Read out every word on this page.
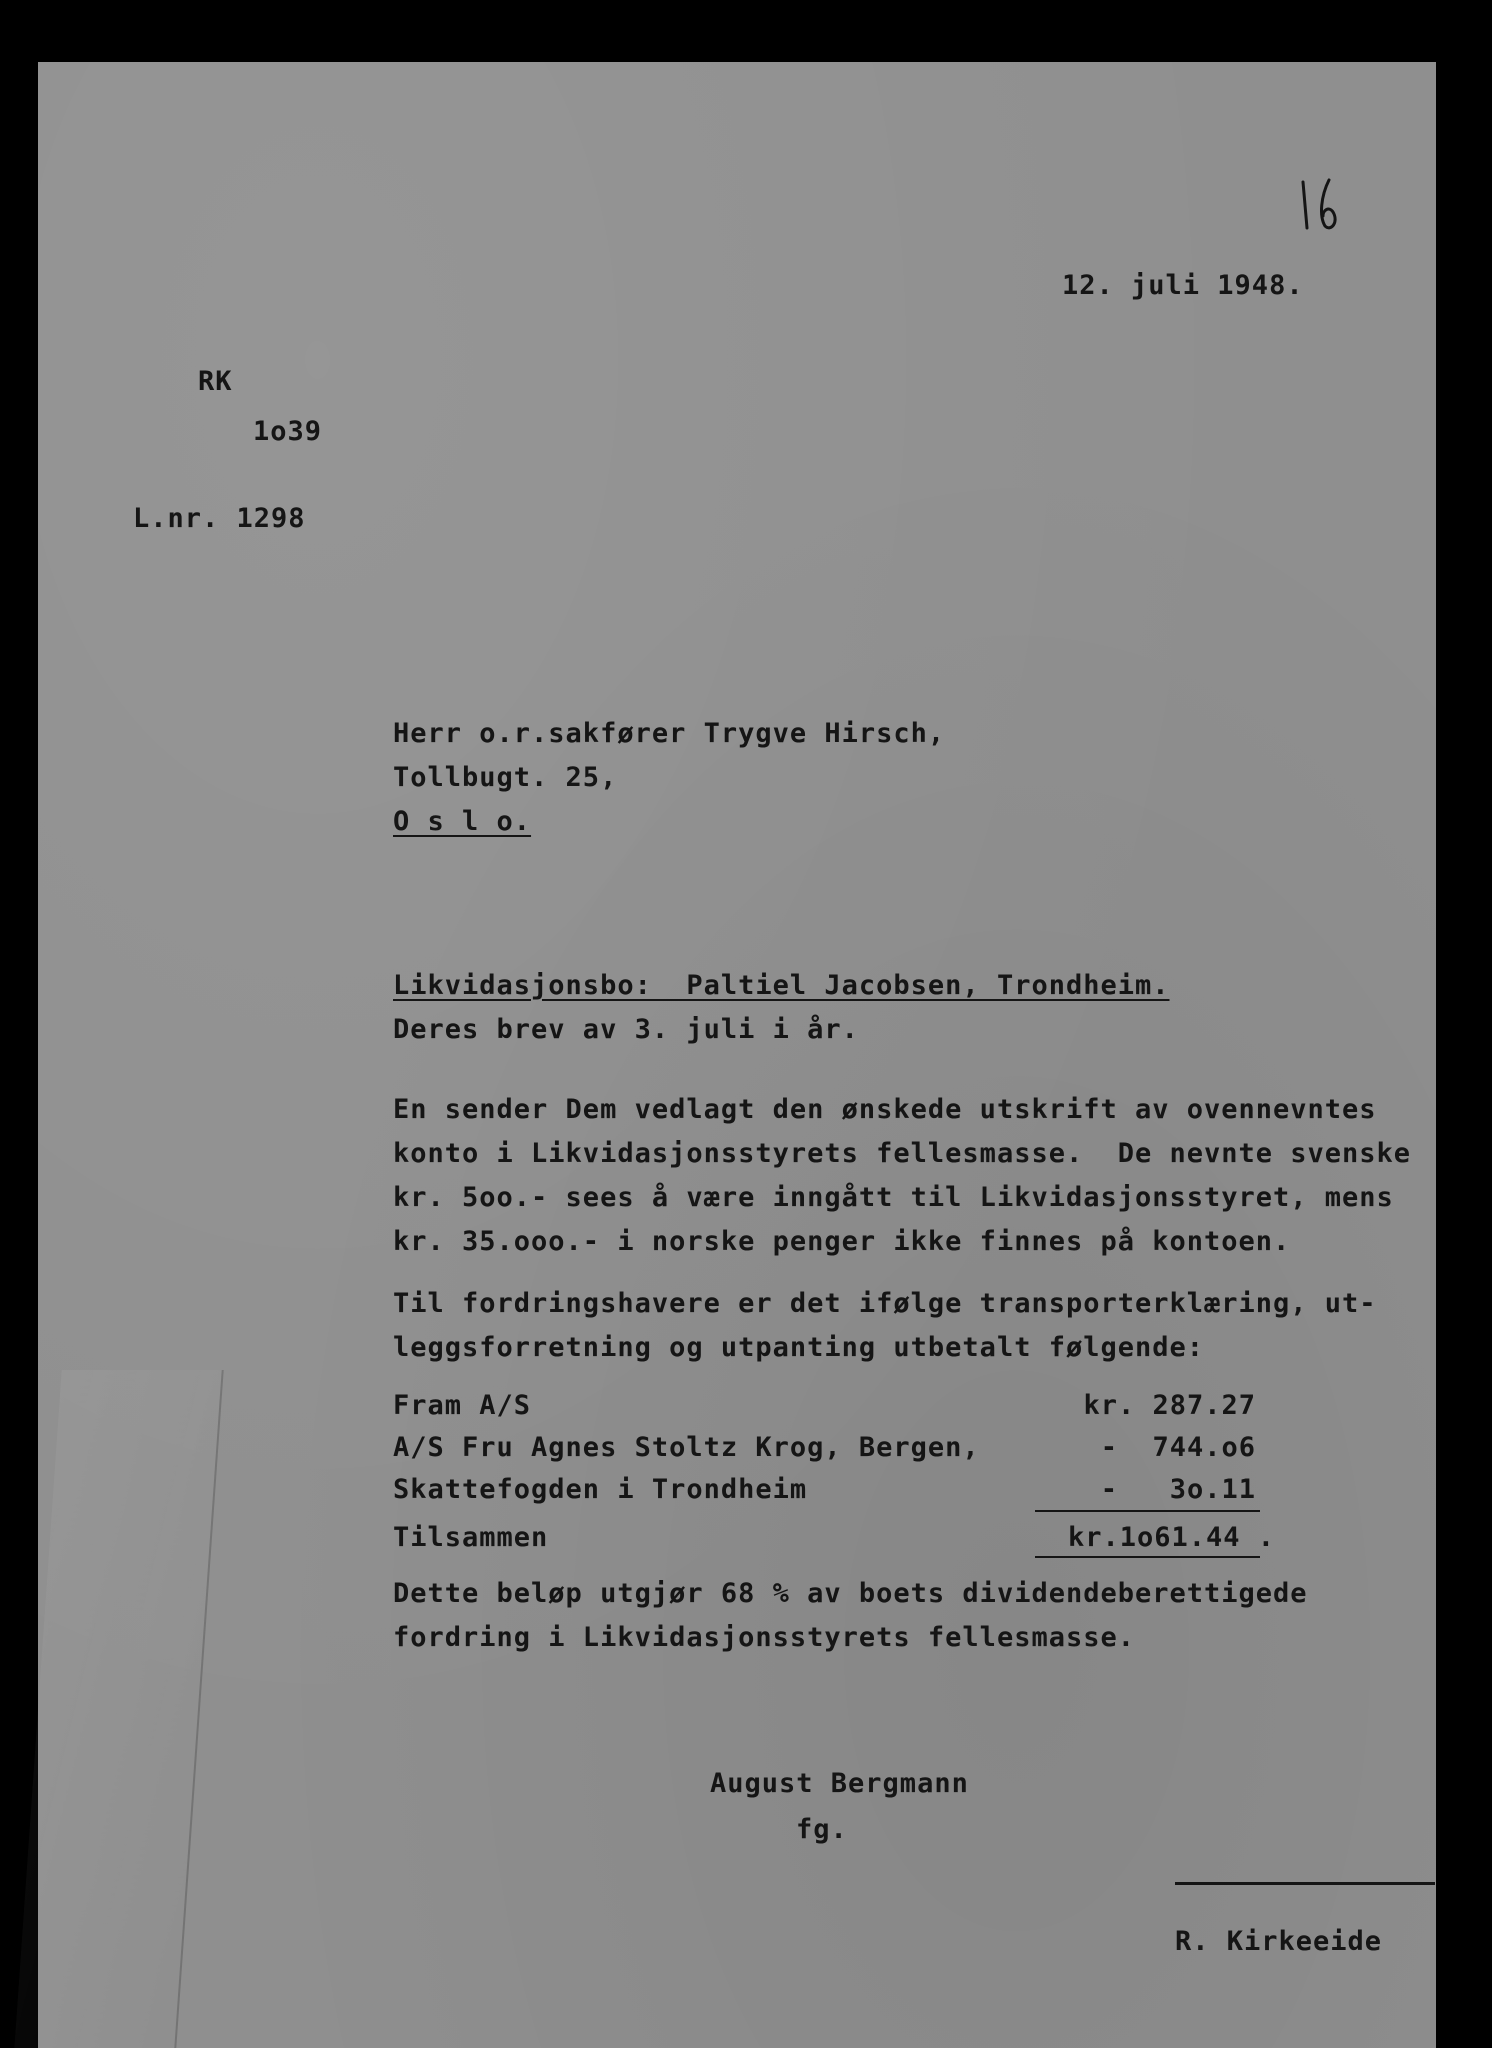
12. juli 1948.
RK
1o39
L.nr. 1298
Herr o.r.sakfører Trygve Hirsch,
Tollbugt. 25,
O s l o.
Likvidasjonsbo:  Paltiel Jacobsen, Trondheim.
Deres brev av 3. juli i år.
En sender Dem vedlagt den ønskede utskrift av ovennevntes
konto i Likvidasjonsstyrets fellesmasse.  De nevnte svenske
kr. 5oo.- sees å være inngått til Likvidasjonsstyret, mens
kr. 35.ooo.- i norske penger ikke finnes på kontoen.
Til fordringshavere er det ifølge transporterklæring, ut-
leggsforretning og utpanting utbetalt følgende:
Fram A/S	kr. 287.27
A/S Fru Agnes Stoltz Krog, Bergen,	-  744.o6
Skattefogden i Trondheim	-   3o.11
Tilsammen	kr.1o61.44 .
Dette beløp utgjør 68 % av boets dividendeberettigede
fordring i Likvidasjonsstyrets fellesmasse.
August Bergmann
fg.
R. Kirkeeide
